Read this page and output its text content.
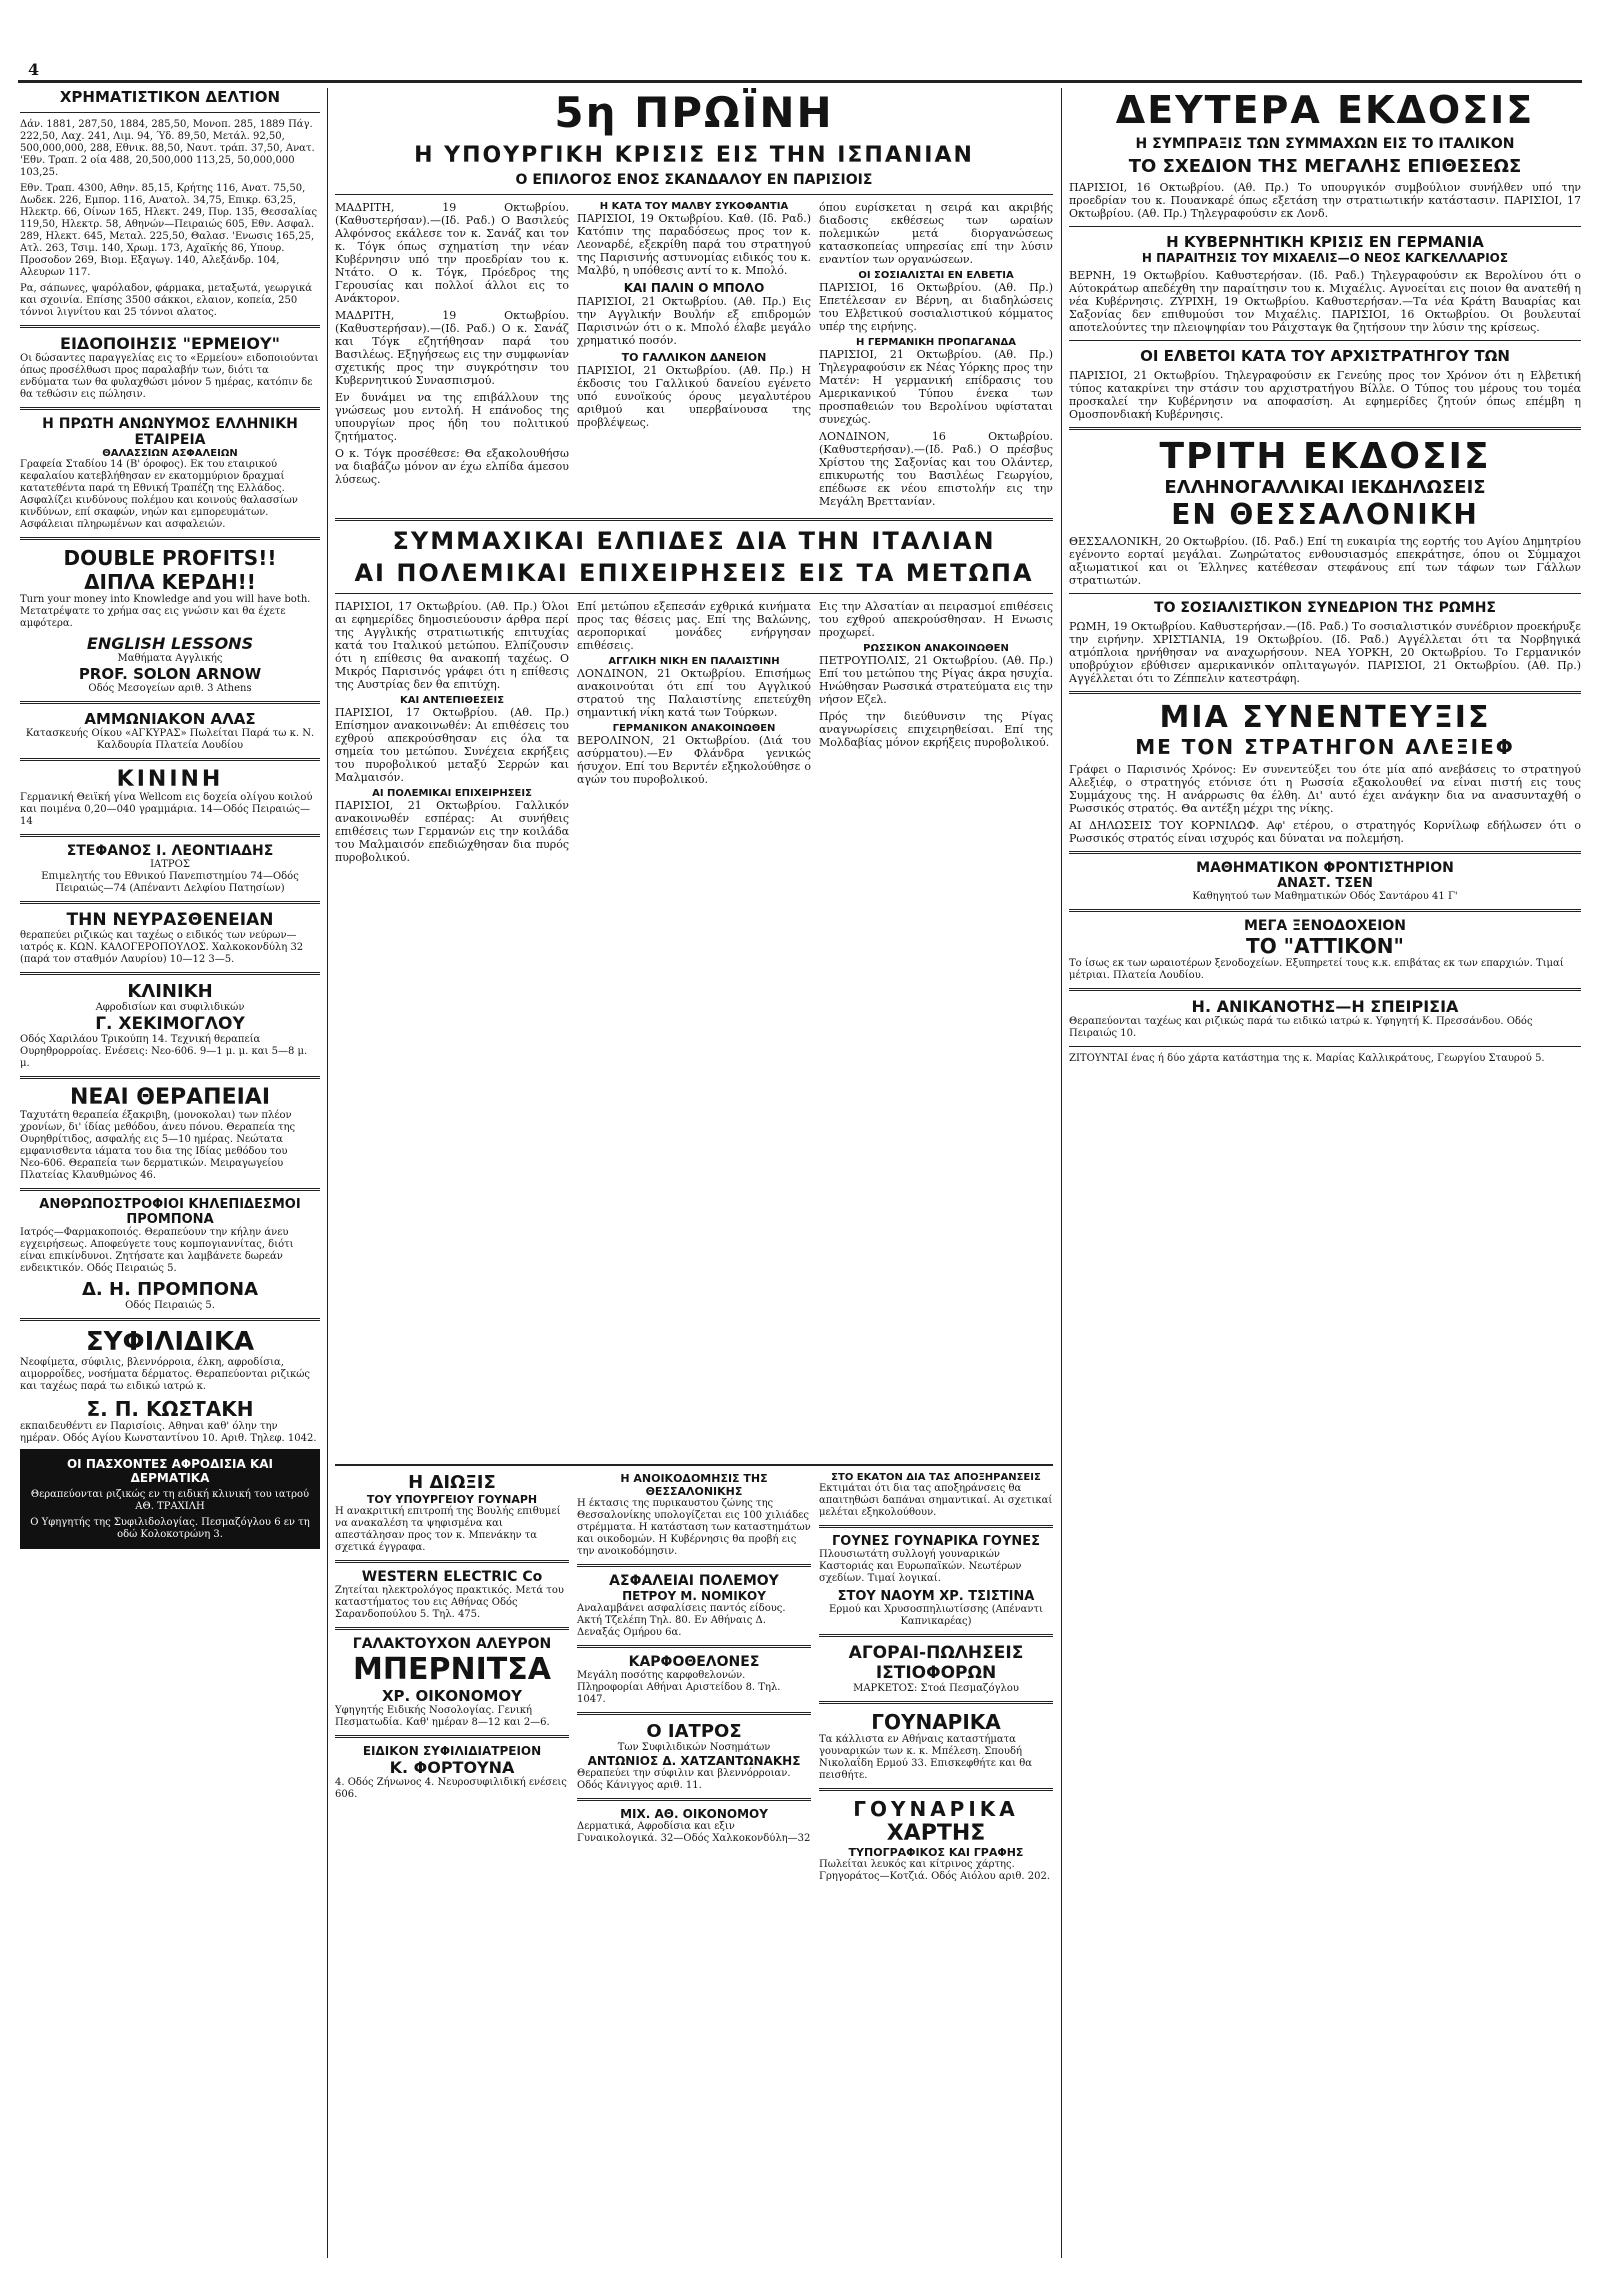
4
ΧΡΗΜΑΤΙΣΤΙΚΟΝ ΔΕΛΤΙΟΝ

Δάν. 1881, 287,50, 1884, 285,50, Μονοπ. 285, 1889 Πάγ. 222,50, Λαχ. 241, Λιμ. 94, Ύδ. 89,50, Μετάλ. 92,50, 500,000,000, 288, Εθνικ. 88,50, Ναυτ. τράπ. 37,50, Ανατ. 'Εθν. Τραπ. 2 οία 488, 20,500,000 113,25, 50,000,000 103,25.

Εθν. Τραπ. 4300, Αθην. 85,15, Κρήτης 116, Ανατ. 75,50, Δωδεκ. 226, Εμπορ. 116, Ανατολ. 34,75, Επικρ. 63,25, Ηλεκτρ. 66, Οίνων 165, Ηλεκτ. 249, Πυρ. 135, Θεσσαλίας 119,50, Ηλεκτρ. 58, Αθηνών—Πειραιώς 605, Εθν. Ασφαλ. 289, Ηλεκτ. 645, Μεταλ. 225,50, Θαλασ. 'Ενωσις 165,25, Ατλ. 263, Τσιμ. 140, Χρωμ. 173, Αχαϊκής 86, Υπουρ. Προσοδον 269, Βιομ. Εξαγωγ. 140, Αλεξάνδρ. 104, Αλευρων 117.

Ρα, σάπωνες, ψαρόλαδον, φάρμακα, μεταξωτά, γεωργικά και σχοινία. Επίσης 3500 σάκκοι, ελαιον, κοπεία, 250 τόννοι λιγνίτου και 25 τόννοι αλατος.

ΕΙΔΟΠΟΙΗΣΙΣ "ΕΡΜΕΙΟΥ"

Οι δώσαντες παραγγελίας εις το «Ερμείου» ειδοποιούνται όπως προσέλθωσι προς παραλαβήν των, διότι τα ενδύματα των θα φυλαχθώσι μόνον 5 ημέρας, κατόπιν δε θα τεθώσιν εις πώλησιν.

Η ΠΡΩΤΗ ΑΝΩΝΥΜΟΣ ΕΛΛΗΝΙΚΗ ΕΤΑΙΡΕΙΑ
ΘΑΛΑΣΣΙΩΝ ΑΣΦΑΛΕΙΩΝ

Γραφεία Σταδίου 14 (Β' όροφος). Εκ του εταιρικού κεφαλαίου κατεβλήθησαν εν εκατομμύριον δραχμαί κατατεθέντα παρά τη Εθνική Τραπέζη της Ελλάδος. Ασφαλίζει κινδύνους πολέμου και κοινούς θαλασσίων κινδύνων, επί σκαφών, νηών και εμπορευμάτων. Ασφάλειαι πληρωμένων και ασφαλειών.

DOUBLE PROFITS!!
ΔΙΠΛΑ ΚΕΡΔΗ!!

Turn your money into Knowledge and you will have both. Μετατρέψατε το χρήμα σας εις γνώσιν και θα έχετε αμφότερα.

ENGLISH LESSONS
Μαθήματα Αγγλικής
PROF. SOLON ARNOW
Οδός Μεσογείων αριθ. 3 Athens
ΑΜΜΩΝΙΑΚΟΝ ΑΛΑΣ
Κατασκευής Οίκου «ΑΓΚΥΡΑΣ» Πωλείται Παρά τω κ. Ν. Καλδουρία Πλατεία Λουδίου
ΚΙΝΙΝΗ

Γερμανική Θειϊκή γίνα Wellcom εις δοχεία ολίγου κοιλού και ποιμένα 0,20—040 γραμμάρια. 14—Οδός Πειραιώς—14

ΣΤΕΦΑΝΟΣ Ι. ΛΕΟΝΤΙΑΔΗΣ
ΙΑΤΡΟΣ
Επιμελητής του Εθνικού Πανεπιστημίου 74—Οδός Πειραιώς—74 (Απέναντι Δελφίου Πατησίων)
ΤΗΝ ΝΕΥΡΑΣΘΕΝΕΙΑΝ

θεραπεύει ριζικώς και ταχέως ο ειδικός των νεύρων—ιατρός κ. ΚΩΝ. ΚΑΛΟΓΕΡΟΠΟΥΛΟΣ. Χαλκοκονδύλη 32 (παρά τον σταθμόν Λαυρίου) 10—12 3—5.

ΚΛΙΝΙΚΗ
Αφροδισίων και συφιλιδικών
Γ. ΧΕΚΙΜΟΓΛΟΥ

Οδός Χαριλάου Τρικούπη 14. Τεχνική θεραπεία Ουρηθρορροίας. Ενέσεις: Νεο-606. 9—1 μ. μ. και 5—8 μ. μ.

ΝΕΑΙ ΘΕΡΑΠΕΙΑΙ

Ταχυτάτη θεραπεία έξακριβη, (μονοκολαι) των πλέον χρονίων, δι' ίδίας μεθόδου, άνευ πόνου. Θεραπεία της Ουρηθρίτιδος, ασφαλής εις 5—10 ημέρας. Νεώτατα εμφανισθεντα ιάματα του δια της Ιδίας μεθόδου του Νεο-606. Θεραπεία των δερματικών. Μειραγωγείου Πλατείας Κλαυθμώνος 46.

ΑΝΘΡΩΠΟΣΤΡΟΦΙΟΙ ΚΗΛΕΠΙΔΕΣΜΟΙ ΠΡΟΜΠΟΝΑ

Ιατρός—Φαρμακοποιός. Θεραπεύουν την κήλην άνευ εγχειρήσεως. Αποφεύγετε τους κομπογιαννίτας, διότι είναι επικίνδυνοι. Ζητήσατε και λαμβάνετε δωρεάν ενδεικτικόν. Οδός Πειραιώς 5.

Δ. Η. ΠΡΟΜΠΟΝΑ
Οδός Πειραιώς 5.
ΣΥΦΙΛΙΔΙΚΑ

Νεοφίμετα, σύφιλις, βλεννόρροια, έλκη, αφροδίσια, αιμορροΐδες, νοσήματα δέρματος. Θεραπεύονται ριζικώς και ταχέως παρά τω ειδικώ ιατρώ κ.

Σ. Π. ΚΩΣΤΑΚΗ

εκπαιδευθέντι εν Παρισίοις. Αθηναι καθ' όλην την ημέραν. Οδός Αγίου Κωνσταντίνου 10. Αριθ. Τηλεφ. 1042.

ΟΙ ΠΑΣΧΟΝΤΕΣ ΑΦΡΟΔΙΣΙΑ ΚΑΙ ΔΕΡΜΑΤΙΚΑ
Θεραπεύονται ριζικώς εν τη ειδική κλινική του ιατρού ΑΘ. ΤΡΑΧΙΛΗ
Ο Υφηγητής της Συφιλιδολογίας. Πεσμαζόγλου 6 εν τη οδώ Κολοκοτρώνη 3.
5η ΠΡΩΪΝΗ
Η ΥΠΟΥΡΓΙΚΗ ΚΡΙΣΙΣ ΕΙΣ ΤΗΝ ΙΣΠΑΝΙΑΝ
Ο ΕΠΙΛΟΓΟΣ ΕΝΟΣ ΣΚΑΝΔΑΛΟΥ ΕΝ ΠΑΡΙΣΙΟΙΣ

ΜΑΔΡΙΤΗ, 19 Οκτωβρίου. (Καθυστερήσαν).—(Ιδ. Ραδ.) Ο Βασιλεύς Αλφόνσος εκάλεσε τον κ. Σανάζ και τον κ. Τόγκ όπως σχηματίση την νέαν Κυβέρνησιν υπό την προεδρίαν του κ. Ντάτο. Ο κ. Τόγκ, Πρόεδρος της Γερουσίας και πολλοί άλλοι εις το Ανάκτορον.

ΜΑΔΡΙΤΗ, 19 Οκτωβρίου. (Καθυστερήσαν).—(Ιδ. Ραδ.) Ο κ. Σανάζ και Τόγκ εζητήθησαν παρά του Βασιλέως. Εξηγήσεως εις την συμφωνίαν σχετικής προς την συγκρότησιν του Κυβερνητικού Συνασπισμού.

Εν δυνάμει να της επιβάλλουν της γνώσεως μου εντολή. Η επάνοδος της υπουργίων προς ήδη του πολιτικού ζητήματος.

Ο κ. Τόγκ προσέθεσε: Θα εξακολουθήσω να διαβάζω μόνον αν έχω ελπίδα άμεσου λύσεως.

Η ΚΑΤΑ ΤΟΥ ΜΑΛΒΥ ΣΥΚΟΦΑΝΤΙΑ

ΠΑΡΙΣΙΟΙ, 19 Οκτωβρίου. Καθ. (Ιδ. Ραδ.) Κατόπιν της παραδόσεως προς τον κ. Λεοναρδέ, εξεκρίθη παρά του στρατηγού της Παρισινής αστυνομίας ειδικός του κ. Μαλβύ, η υπόθεσις αντί το κ. Μπολό.

ΚΑΙ ΠΑΛΙΝ Ο ΜΠΟΛΟ

ΠΑΡΙΣΙΟΙ, 21 Οκτωβρίου. (Αθ. Πρ.) Εις την Αγγλικήν Βουλήν εξ επιδρομών Παρισινών ότι ο κ. Μπολό έλαβε μεγάλο χρηματικό ποσόν.

ΤΟ ΓΑΛΛΙΚΟΝ ΔΑΝΕΙΟΝ

ΠΑΡΙΣΙΟΙ, 21 Οκτωβρίου. (Αθ. Πρ.) Η έκδοσις του Γαλλικού δανείου εγένετο υπό ευνοϊκούς όρους μεγαλυτέρου αριθμού και υπερβαίνουσα της προβλέψεως.

όπου ευρίσκεται η σειρά και ακριβής διαδοσις εκθέσεως των ωραίων πολεμικών μετά διοργανώσεως κατασκοπείας υπηρεσίας επί την λύσιν εναντίον των οργανώσεων.

ΟΙ ΣΟΣΙΑΛΙΣΤΑΙ ΕΝ ΕΛΒΕΤΙΑ

ΠΑΡΙΣΙΟΙ, 16 Οκτωβρίου. (Αθ. Πρ.) Επετέλεσαν εν Βέρνη, αι διαδηλώσεις του Ελβετικού σοσιαλιστικού κόμματος υπέρ της ειρήνης.

Η ΓΕΡΜΑΝΙΚΗ ΠΡΟΠΑΓΑΝΔΑ

ΠΑΡΙΣΙΟΙ, 21 Οκτωβρίου. (Αθ. Πρ.) Τηλεγραφούσιν εκ Νέας Υόρκης προς την Ματέν: Η γερμανική επίδρασις του Αμερικανικού Τύπου ένεκα των προσπαθειών του Βερολίνου υφίσταται συνεχώς.

ΛΟΝΔΙΝΟΝ, 16 Οκτωβρίου. (Καθυστερήσαν).—(Ιδ. Ραδ.) Ο πρέσβυς Χρίστου της Σαξονίας και του Ολάντερ, επικυρωτής του Βασιλέως Γεωργίου, επέδωσε εκ νέου επιστολήν εις την Μεγάλη Βρεττανίαν.

ΣΥΜΜΑΧΙΚΑΙ ΕΛΠΙΔΕΣ ΔΙΑ ΤΗΝ ΙΤΑΛΙΑΝ
ΑΙ ΠΟΛΕΜΙΚΑΙ ΕΠΙΧΕΙΡΗΣΕΙΣ ΕΙΣ ΤΑ ΜΕΤΩΠΑ

ΠΑΡΙΣΙΟΙ, 17 Οκτωβρίου. (Αθ. Πρ.) Όλοι αι εφημερίδες δημοσιεύουσιν άρθρα περί της Αγγλικής στρατιωτικής επιτυχίας κατά του Ιταλικού μετώπου. Ελπίζουσιν ότι η επίθεσις θα ανακοπή ταχέως. Ο Μικρός Παρισινός γράφει ότι η επίθεσις της Αυστρίας δεν θα επιτύχη.

ΚΑΙ ΑΝΤΕΠΙΘΕΣΕΙΣ

ΠΑΡΙΣΙΟΙ, 17 Οκτωβρίου. (Αθ. Πρ.) Επίσημον ανακοινωθέν: Αι επιθέσεις του εχθρού απεκρούσθησαν εις όλα τα σημεία του μετώπου. Συνέχεια εκρήξεις του πυροβολικού μεταξύ Σερρών και Μαλμαισόν.

ΑΙ ΠΟΛΕΜΙΚΑΙ ΕΠΙΧΕΙΡΗΣΕΙΣ

ΠΑΡΙΣΙΟΙ, 21 Οκτωβρίου. Γαλλικόν ανακοινωθέν εσπέρας: Αι συνήθεις επιθέσεις των Γερμανών εις την κοιλάδα του Μαλμαισόν επεδιώχθησαν δια πυρός πυροβολικού.

Επί μετώπου εξεπεσάν εχθρικά κινήματα προς τας θέσεις μας. Επί της Βαλώνης, αεροπορικαί μονάδες ενήργησαν επιθέσεις.

ΑΓΓΛΙΚΗ ΝΙΚΗ ΕΝ ΠΑΛΑΙΣΤΙΝΗ

ΛΟΝΔΙΝΟΝ, 21 Οκτωβρίου. Επισήμως ανακοινούται ότι επί του Αγγλικού στρατού της Παλαιστίνης επετεύχθη σημαντική νίκη κατά των Τούρκων.

ΓΕΡΜΑΝΙΚΟΝ ΑΝΑΚΟΙΝΩΘΕΝ

ΒΕΡΟΛΙΝΟΝ, 21 Οκτωβρίου. (Διά του ασύρματου).—Εν Φλάνδρα γενικώς ήσυχον. Επί του Βερντέν εξηκολούθησε ο αγών του πυροβολικού.

Εις την Αλσατίαν αι πειρασμοί επιθέσεις του εχθρού απεκρούσθησαν. Η Ενωσις προχωρεί.

ΡΩΣΣΙΚΟΝ ΑΝΑΚΟΙΝΩΘΕΝ

ΠΕΤΡΟΥΠΟΛΙΣ, 21 Οκτωβρίου. (Αθ. Πρ.) Επί του μετώπου της Ρίγας άκρα ησυχία. Ηνώθησαν Ρωσσικά στρατεύματα εις την νήσον Εζελ.

Πρός την διεύθυνσιν της Ρίγας αναγνωρίσεις επιχειρηθείσαι. Επί της Μολδαβίας μόνον εκρήξεις πυροβολικού.

Η ΔΙΩΞΙΣ
ΤΟΥ ΥΠΟΥΡΓΕΙΟΥ ΓΟΥΝΑΡΗ

Η ανακριτική επιτροπή της Βουλής επιθυμεί να ανακαλέση τα ψηφισμένα και απεστάλησαν προς τον κ. Μπενάκην τα σχετικά έγγραφα.

WESTERN ELECTRIC Co

Ζητείται ηλεκτρολόγος πρακτικός. Μετά του καταστήματος του εις Αθήνας Οδός Σαρανδοπούλου 5. Τηλ. 475.

ΓΑΛΑΚΤΟΥΧΟΝ ΑΛΕΥΡΟΝ
ΜΠΕΡΝΙΤΣΑ
ΧΡ. ΟΙΚΟΝΟΜΟΥ

Υφηγητής Ειδικής Νοσολογίας. Γενική Πεσματωδία. Καθ' ημέραν 8—12 και 2—6.

ΕΙΔΙΚΟΝ ΣΥΦΙΛΙΔΙΑΤΡΕΙΟΝ
Κ. ΦΟΡΤΟΥΝΑ

4. Οδός Ζήνωνος 4. Νευροσυφιλιδική ενέσεις 606.

Η ΑΝΟΙΚΟΔΟΜΗΣΙΣ ΤΗΣ ΘΕΣΣΑΛΟΝΙΚΗΣ

Η έκτασις της πυρικαυστου ζώνης της Θεσσαλονίκης υπολογίζεται εις 100 χιλιάδες στρέμματα. Η κατάσταση των καταστημάτων και οικοδομών. Η Κυβέρνησις θα προβή εις την ανοικοδόμησιν.

ΑΣΦΑΛΕΙΑΙ ΠΟΛΕΜΟΥ
ΠΕΤΡΟΥ Μ. ΝΟΜΙΚΟΥ

Αναλαμβάνει ασφαλίσεις παντός είδους. Ακτή Τζελέπη Τηλ. 80. Εν Αθήναις Δ. Δεναξάς Ομήρου 6α.

ΚΑΡΦΟΘΕΛΟΝΕΣ

Μεγάλη ποσότης καρφοθελονών. Πληροφορίαι Αθήναι Αριστείδου 8. Τηλ. 1047.

Ο ΙΑΤΡΟΣ
Των Συφιλιδικών Νοσημάτων
ΑΝΤΩΝΙΟΣ Δ. ΧΑΤΖΑΝΤΩΝΑΚΗΣ

Θεραπεύει την σύφιλιν και βλεννόρροιαν. Οδός Κάνιγγος αριθ. 11.

ΜΙΧ. ΑΘ. ΟΙΚΟΝΟΜΟΥ

Δερματικά, Αφροδίσια και εξιν Γυναικολογικά. 32—Οδός Χαλκοκονδύλη—32

ΣΤΟ ΕΚΑΤΟΝ ΔΙΑ ΤΑΣ ΑΠΟΞΗΡΑΝΣΕΙΣ

Εκτιμάται ότι δια τας αποξηράνσεις θα απαιτηθώσι δαπάναι σημαντικαί. Αι σχετικαί μελέται εξηκολούθουν.

ΓΟΥΝΕΣ ΓΟΥΝΑΡΙΚΑ ΓΟΥΝΕΣ

Πλουσιωτάτη συλλογή γουναρικών Καστοριάς και Ευρωπαϊκών. Νεωτέρων σχεδίων. Τιμαί λογικαί.

ΣΤΟΥ ΝΑΟΥΜ ΧΡ. ΤΣΙΣΤΙΝΑ
Ερμού και Χρυσοσπηλιωτίσσης (Απέναντι Καπνικαρέας)
ΑΓΟΡΑΙ-ΠΩΛΗΣΕΙΣ ΙΣΤΙΟΦΟΡΩΝ
ΜΑΡΚΕΤΟΣ: Στοά Πεσμαζόγλου
ΓΟΥΝΑΡΙΚΑ

Τα κάλλιστα εν Αθήναις καταστήματα γουναρικών των κ. κ. Μπέλεση. Σπουδή Νικολαΐδη Ερμού 33. Επισκεφθήτε και θα πεισθήτε.

ΓΟΥΝΑΡΙΚΑ
ΧΑΡΤΗΣ
ΤΥΠΟΓΡΑΦΙΚΟΣ ΚΑΙ ΓΡΑΦΗΣ

Πωλείται λευκός και κίτρινος χάρτης. Γρηγοράτος—Κοτζιά. Οδός Αιόλου αριθ. 202.

ΔΕΥΤΕΡΑ ΕΚΔΟΣΙΣ
Η ΣΥΜΠΡΑΞΙΣ ΤΩΝ ΣΥΜΜΑΧΩΝ ΕΙΣ ΤΟ ΙΤΑΛΙΚΟΝ
ΤΟ ΣΧΕΔΙΟΝ ΤΗΣ ΜΕΓΑΛΗΣ ΕΠΙΘΕΣΕΩΣ

ΠΑΡΙΣΙΟΙ, 16 Οκτωβρίου. (Αθ. Πρ.) Το υπουργικόν συμβούλιον συνήλθεν υπό την προεδρίαν του κ. Πουανκαρέ όπως εξετάση την στρατιωτικήν κατάστασιν. ΠΑΡΙΣΙΟΙ, 17 Οκτωβρίου. (Αθ. Πρ.) Τηλεγραφούσιν εκ Λονδ.

Η ΚΥΒΕΡΝΗΤΙΚΗ ΚΡΙΣΙΣ ΕΝ ΓΕΡΜΑΝΙΑ
Η ΠΑΡΑΙΤΗΣΙΣ ΤΟΥ ΜΙΧΑΕΛΙΣ—Ο ΝΕΟΣ ΚΑΓΚΕΛΛΑΡΙΟΣ

ΒΕΡΝΗ, 19 Οκτωβρίου. Καθυστερήσαν. (Ιδ. Ραδ.) Τηλεγραφούσιν εκ Βερολίνου ότι ο Αύτοκράτωρ απεδέχθη την παραίτησιν του κ. Μιχαέλις. Αγνοείται εις ποιον θα ανατεθή η νέα Κυβέρνησις. ΖΥΡΙΧΗ, 19 Οκτωβρίου. Καθυστερήσαν.—Τα νέα Κράτη Βαυαρίας και Σαξονίας δεν επιθυμούσι τον Μιχαέλις. ΠΑΡΙΣΙΟΙ, 16 Οκτωβρίου. Οι βουλευταί αποτελούντες την πλειοψηφίαν του Ράιχσταγκ θα ζητήσουν την λύσιν της κρίσεως.

ΟΙ ΕΛΒΕΤΟΙ ΚΑΤΑ ΤΟΥ ΑΡΧΙΣΤΡΑΤΗΓΟΥ ΤΩΝ

ΠΑΡΙΣΙΟΙ, 21 Οκτωβρίου. Τηλεγραφούσιν εκ Γενεύης προς τον Χρόνον ότι η Ελβετική τύπος κατακρίνει την στάσιν του αρχιστρατήγου Βίλλε. Ο Τύπος του μέρους του τομέα προσκαλεί την Κυβέρνησιν να αποφασίση. Αι εφημερίδες ζητούν όπως επέμβη η Ομοσπονδιακή Κυβέρνησις.

ΤΡΙΤΗ ΕΚΔΟΣΙΣ
ΕΛΛΗΝΟΓΑΛΛΙΚΑΙ ΙΕΚΔΗΛΩΣΕΙΣ
ΕΝ ΘΕΣΣΑΛΟΝΙΚΗ

ΘΕΣΣΑΛΟΝΙΚΗ, 20 Οκτωβρίου. (Ιδ. Ραδ.) Επί τη ευκαιρία της εορτής του Αγίου Δημητρίου εγένοντο εορταί μεγάλαι. Ζωηρώτατος ενθουσιασμός επεκράτησε, όπου οι Σύμμαχοι αξιωματικοί και οι Έλληνες κατέθεσαν στεφάνους επί των τάφων των Γάλλων στρατιωτών.

ΤΟ ΣΟΣΙΑΛΙΣΤΙΚΟΝ ΣΥΝΕΔΡΙΟΝ ΤΗΣ ΡΩΜΗΣ

ΡΩΜΗ, 19 Οκτωβρίου. Καθυστερήσαν.—(Ιδ. Ραδ.) Το σοσιαλιστικόν συνέδριον προεκήρυξε την ειρήνην. ΧΡΙΣΤΙΑΝΙΑ, 19 Οκτωβρίου. (Ιδ. Ραδ.) Αγγέλλεται ότι τα Νορβηγικά ατμόπλοια ηρνήθησαν να αναχωρήσουν. ΝΕΑ ΥΟΡΚΗ, 20 Οκτωβρίου. Το Γερμανικόν υποβρύχιον εβύθισεν αμερικανικόν οπλιταγωγόν. ΠΑΡΙΣΙΟΙ, 21 Οκτωβρίου. (Αθ. Πρ.) Αγγέλλεται ότι το Ζέππελιν κατεστράφη.

ΜΙΑ ΣΥΝΕΝΤΕΥΞΙΣ
ΜΕ ΤΟΝ ΣΤΡΑΤΗΓΟΝ ΑΛΕΞΙΕΦ

Γράφει ο Παρισινός Χρόνος: Εν συνεντεύξει του ότε μία από ανεβάσεις το στρατηγού Αλεξιέφ, ο στρατηγός ετόνισε ότι η Ρωσσία εξακολουθεί να είναι πιστή εις τους Συμμάχους της. Η ανάρρωσις θα έλθη. Δι' αυτό έχει ανάγκην δια να ανασυνταχθή ο Ρωσσικός στρατός. Θα αντέξη μέχρι της νίκης.

ΑΙ ΔΗΛΩΣΕΙΣ ΤΟΥ ΚΟΡΝΙΛΩΦ. Αφ' ετέρου, ο στρατηγός Κορνίλωφ εδήλωσεν ότι ο Ρωσσικός στρατός είναι ισχυρός και δύναται να πολεμήση.

ΜΑΘΗΜΑΤΙΚΟΝ ΦΡΟΝΤΙΣΤΗΡΙΟΝ
ΑΝΑΣΤ. ΤΣΕΝ
Καθηγητού των Μαθηματικών Οδός Σαντάρου 41 Γ'
ΜΕΓΑ ΞΕΝΟΔΟΧΕΙΟΝ
ΤΟ "ΑΤΤΙΚΟΝ"

Το ίσως εκ των ωραιοτέρων ξενοδοχείων. Εξυπηρετεί τους κ.κ. επιβάτας εκ των επαρχιών. Τιμαί μέτριαι. Πλατεία Λουδίου.

Η. ΑΝΙΚΑΝΟΤΗΣ—Η ΣΠΕΙΡΙΣΙΑ

Θεραπεύονται ταχέως και ριζικώς παρά τω ειδικώ ιατρώ κ. Υφηγητή Κ. Πρεσσάνδου. Οδός Πειραιώς 10.

ΖΙΤΟΥΝΤΑΙ ένας ή δύο χάρτα κατάστημα της κ. Μαρίας Καλλικράτους, Γεωργίου Σταυρού 5.
